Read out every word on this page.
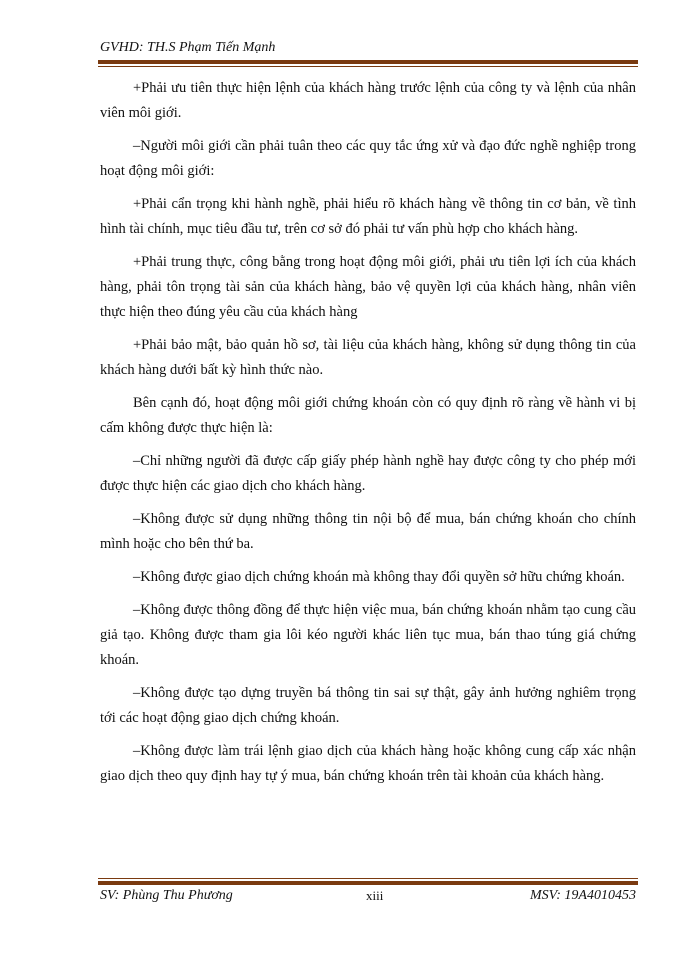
GVHD: TH.S Phạm Tiến Mạnh

+Phải ưu tiên thực hiện lệnh của khách hàng trước lệnh của công ty và lệnh của nhân viên môi giới.

–Người môi giới cần phải tuân theo các quy tắc ứng xử và đạo đức nghề nghiệp trong hoạt động môi giới:

+Phải cẩn trọng khi hành nghề, phải hiểu rõ khách hàng về thông tin cơ bản, về tình hình tài chính, mục tiêu đầu tư, trên cơ sở đó phải tư vấn phù hợp cho khách hàng.

+Phải trung thực, công bằng trong hoạt động môi giới, phải ưu tiên lợi ích của khách hàng, phải tôn trọng tài sản của khách hàng, bảo vệ quyền lợi của khách hàng, nhân viên thực hiện theo đúng yêu cầu của khách hàng

+Phải bảo mật, bảo quản hồ sơ, tài liệu của khách hàng, không sử dụng thông tin của khách hàng dưới bất kỳ hình thức nào.

Bên cạnh đó, hoạt động môi giới chứng khoán còn có quy định rõ ràng về hành vi bị cấm không được thực hiện là:

–Chỉ những người đã được cấp giấy phép hành nghề hay được công ty cho phép mới được thực hiện các giao dịch cho khách hàng.

–Không được sử dụng những thông tin nội bộ để mua, bán chứng khoán cho chính mình hoặc cho bên thứ ba.

–Không được giao dịch chứng khoán mà không thay đổi quyền sở hữu chứng khoán.

–Không được thông đồng để thực hiện việc mua, bán chứng khoán nhằm tạo cung cầu giả tạo. Không được tham gia lôi kéo người khác liên tục mua, bán thao túng giá chứng khoán.

–Không được tạo dựng truyền bá thông tin sai sự thật, gây ảnh hưởng nghiêm trọng tới các hoạt động giao dịch chứng khoán.

–Không được làm trái lệnh giao dịch của khách hàng hoặc không cung cấp xác nhận giao dịch theo quy định hay tự ý mua, bán chứng khoán trên tài khoản của khách hàng.

SV: Phùng Thu Phương	xiii	MSV: 19A4010453
